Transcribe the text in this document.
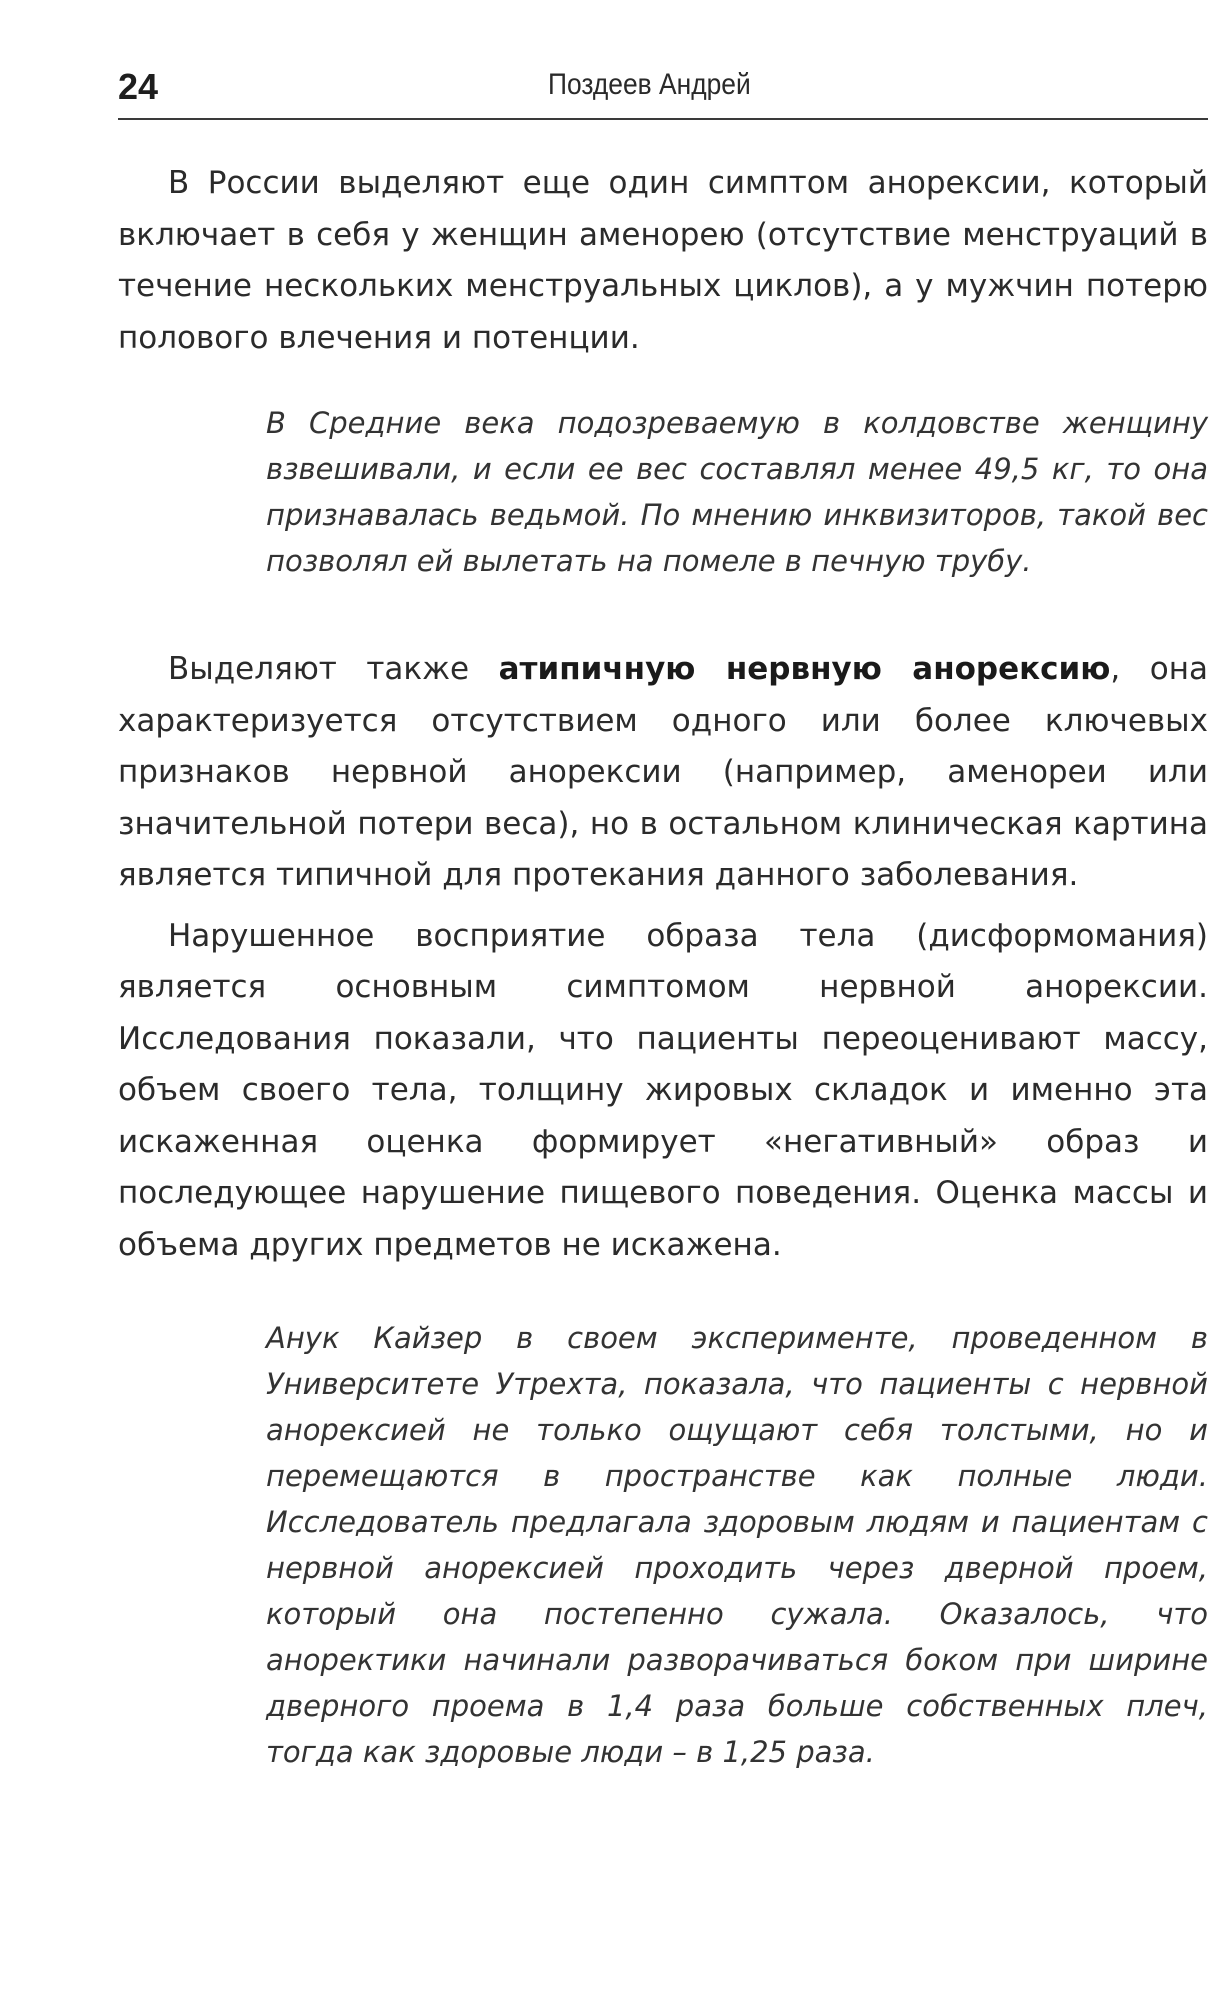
24	Поздеев Андрей

В России выделяют еще один симптом анорексии, который включает в себя у женщин аменорею (отсутствие менструаций в течение нескольких менструальных циклов), а у мужчин потерю полового влечения и потенции.

В Средние века подозреваемую в колдовстве женщину взвешивали, и если ее вес составлял менее 49,5 кг, то она признавалась ведьмой. По мнению инквизиторов, такой вес позволял ей вылетать на помеле в печную трубу.

Выделяют также атипичную нервную анорексию, она характеризуется отсутствием одного или более ключевых признаков нервной анорексии (например, аменореи или значительной потери веса), но в остальном клиническая картина является типичной для протекания данного заболевания.

Нарушенное восприятие образа тела (дисформомания) является основным симптомом нервной анорексии. Исследования показали, что пациенты переоценивают массу, объем своего тела, толщину жировых складок и именно эта искаженная оценка формирует «негативный» образ и последующее нарушение пищевого поведения. Оценка массы и объема других предметов не искажена.

Анук Кайзер в своем эксперименте, проведенном в Университете Утрехта, показала, что пациенты с нервной анорексией не только ощущают себя толстыми, но и перемещаются в пространстве как полные люди. Исследователь предлагала здоровым людям и пациентам с нервной анорексией проходить через дверной проем, который она постепенно сужала. Оказалось, что аноректики начинали разворачиваться боком при ширине дверного проема в 1,4 раза больше собственных плеч, тогда как здоровые люди – в 1,25 раза.
